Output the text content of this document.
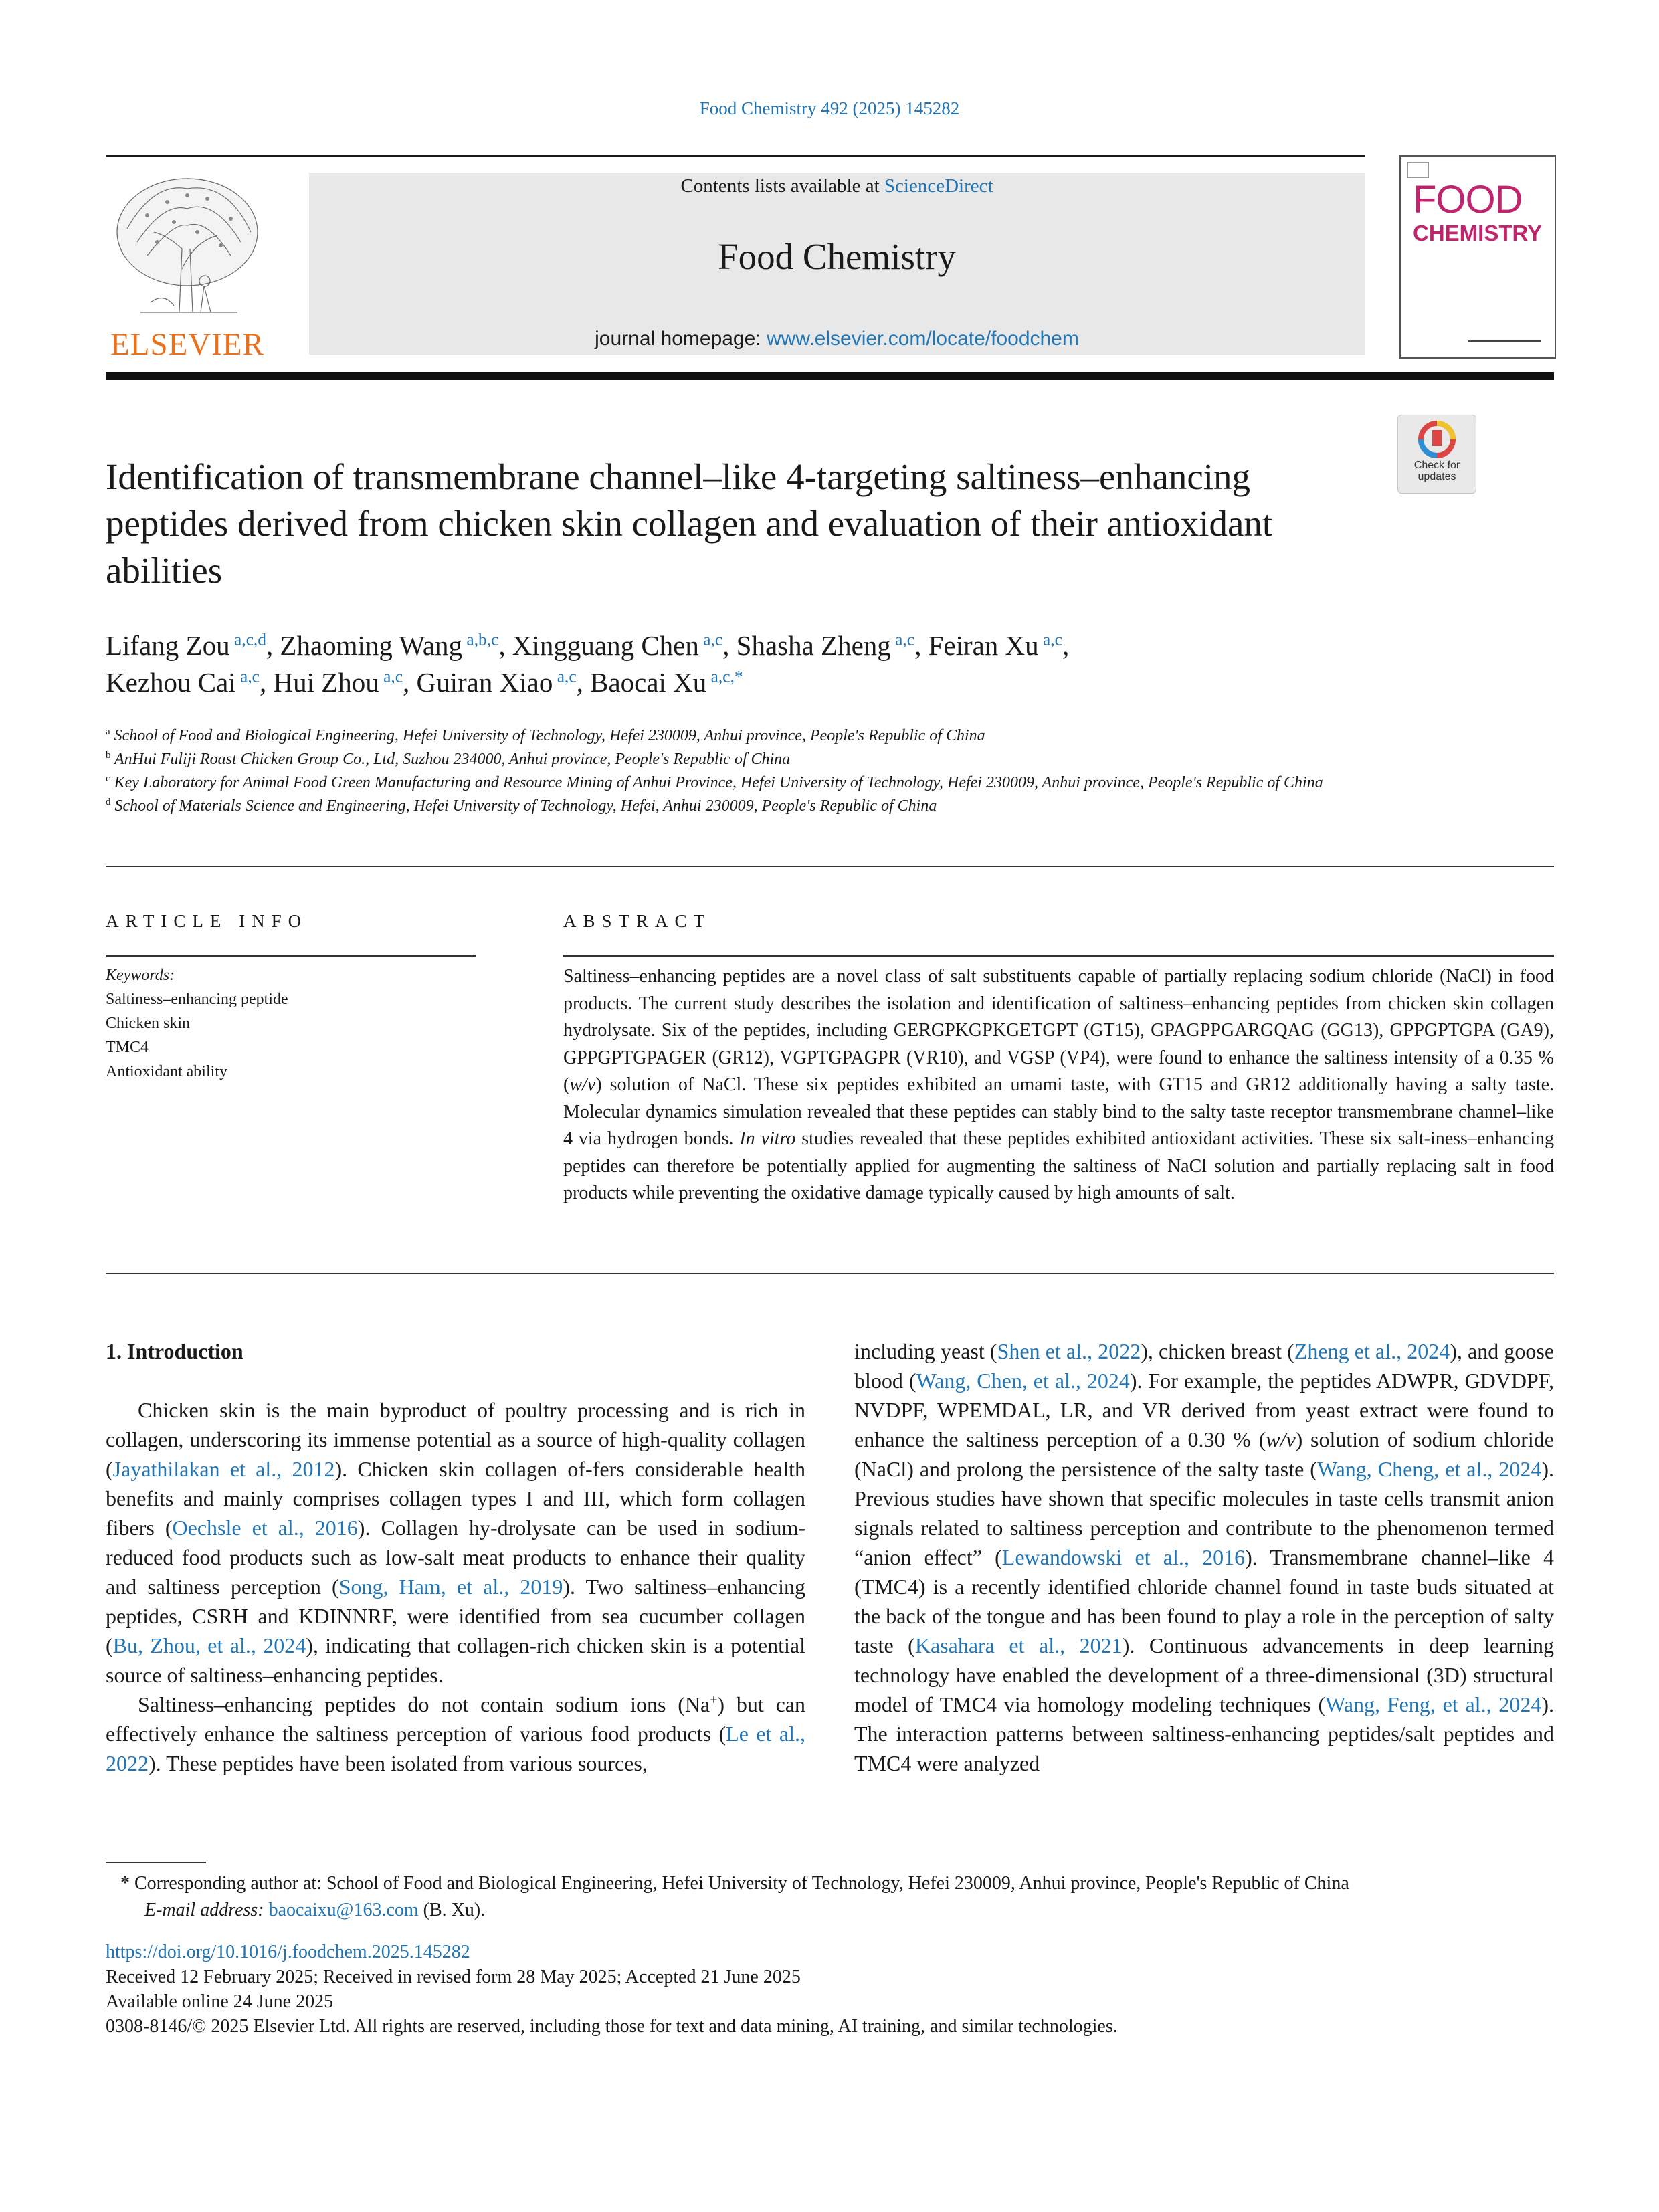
Food Chemistry 492 (2025) 145282
ELSEVIER
Contents lists available at ScienceDirect
Food Chemistry
journal homepage: www.elsevier.com/locate/foodchem
FOOD
CHEMISTRY
Check for updates
Identification of transmembrane channel–like 4-targeting saltiness–enhancing peptides derived from chicken skin collagen and evaluation of their antioxidant abilities
Lifang Zou $^{a,c,d}$, Zhaoming Wang $^{a,b,c}$, Xingguang Chen $^{a,c}$, Shasha Zheng $^{a,c}$, Feiran Xu $^{a,c}$,
Kezhou Cai $^{a,c}$, Hui Zhou $^{a,c}$, Guiran Xiao $^{a,c}$, Baocai Xu $^{a,c,*}$
$^a$ School of Food and Biological Engineering, Hefei University of Technology, Hefei 230009, Anhui province, People's Republic of China
$^b$ AnHui Fuliji Roast Chicken Group Co., Ltd, Suzhou 234000, Anhui province, People's Republic of China
$^c$ Key Laboratory for Animal Food Green Manufacturing and Resource Mining of Anhui Province, Hefei University of Technology, Hefei 230009, Anhui province, People's Republic of China
$^d$ School of Materials Science and Engineering, Hefei University of Technology, Hefei, Anhui 230009, People's Republic of China
ARTICLE INFO	ABSTRACT
Keywords:
Saltiness–enhancing peptide
Chicken skin
TMC4
Antioxidant ability
Saltiness–enhancing peptides are a novel class of salt substituents capable of partially replacing sodium chloride (NaCl) in food products. The current study describes the isolation and identification of saltiness–enhancing peptides from chicken skin collagen hydrolysate. Six of the peptides, including GERGPKGPKGETGPT (GT15), GPAGPPGARGQAG (GG13), GPPGPTGPA (GA9), GPPGPTGPAGER (GR12), VGPTGPAGPR (VR10), and VGSP (VP4), were found to enhance the saltiness intensity of a 0.35 % (w/v) solution of NaCl. These six peptides exhibited an umami taste, with GT15 and GR12 additionally having a salty taste. Molecular dynamics simulation revealed that these peptides can stably bind to the salty taste receptor transmembrane channel–like 4 via hydrogen bonds. In vitro studies revealed that these peptides exhibited antioxidant activities. These six salt-iness–enhancing peptides can therefore be potentially applied for augmenting the saltiness of NaCl solution and partially replacing salt in food products while preventing the oxidative damage typically caused by high amounts of salt.
1. Introduction
Chicken skin is the main byproduct of poultry processing and is rich in collagen, underscoring its immense potential as a source of high-quality collagen (Jayathilakan et al., 2012). Chicken skin collagen of-fers considerable health benefits and mainly comprises collagen types I and III, which form collagen fibers (Oechsle et al., 2016). Collagen hy-drolysate can be used in sodium-reduced food products such as low-salt meat products to enhance their quality and saltiness perception (Song, Ham, et al., 2019). Two saltiness–enhancing peptides, CSRH and KDINNRF, were identified from sea cucumber collagen (Bu, Zhou, et al., 2024), indicating that collagen-rich chicken skin is a potential source of saltiness–enhancing peptides.
Saltiness–enhancing peptides do not contain sodium ions (Na+) but can effectively enhance the saltiness perception of various food products (Le et al., 2022). These peptides have been isolated from various sources,
including yeast (Shen et al., 2022), chicken breast (Zheng et al., 2024), and goose blood (Wang, Chen, et al., 2024). For example, the peptides ADWPR, GDVDPF, NVDPF, WPEMDAL, LR, and VR derived from yeast extract were found to enhance the saltiness perception of a 0.30 % (w/v) solution of sodium chloride (NaCl) and prolong the persistence of the salty taste (Wang, Cheng, et al., 2024). Previous studies have shown that specific molecules in taste cells transmit anion signals related to saltiness perception and contribute to the phenomenon termed “anion effect” (Lewandowski et al., 2016). Transmembrane channel–like 4 (TMC4) is a recently identified chloride channel found in taste buds situated at the back of the tongue and has been found to play a role in the perception of salty taste (Kasahara et al., 2021). Continuous advancements in deep learning technology have enabled the development of a three-dimensional (3D) structural model of TMC4 via homology modeling techniques (Wang, Feng, et al., 2024). The interaction patterns between saltiness-enhancing peptides/salt peptides and TMC4 were analyzed
* Corresponding author at: School of Food and Biological Engineering, Hefei University of Technology, Hefei 230009, Anhui province, People's Republic of China
E-mail address: baocaixu@163.com (B. Xu).
https://doi.org/10.1016/j.foodchem.2025.145282
Received 12 February 2025; Received in revised form 28 May 2025; Accepted 21 June 2025
Available online 24 June 2025
0308-8146/© 2025 Elsevier Ltd. All rights are reserved, including those for text and data mining, AI training, and similar technologies.
